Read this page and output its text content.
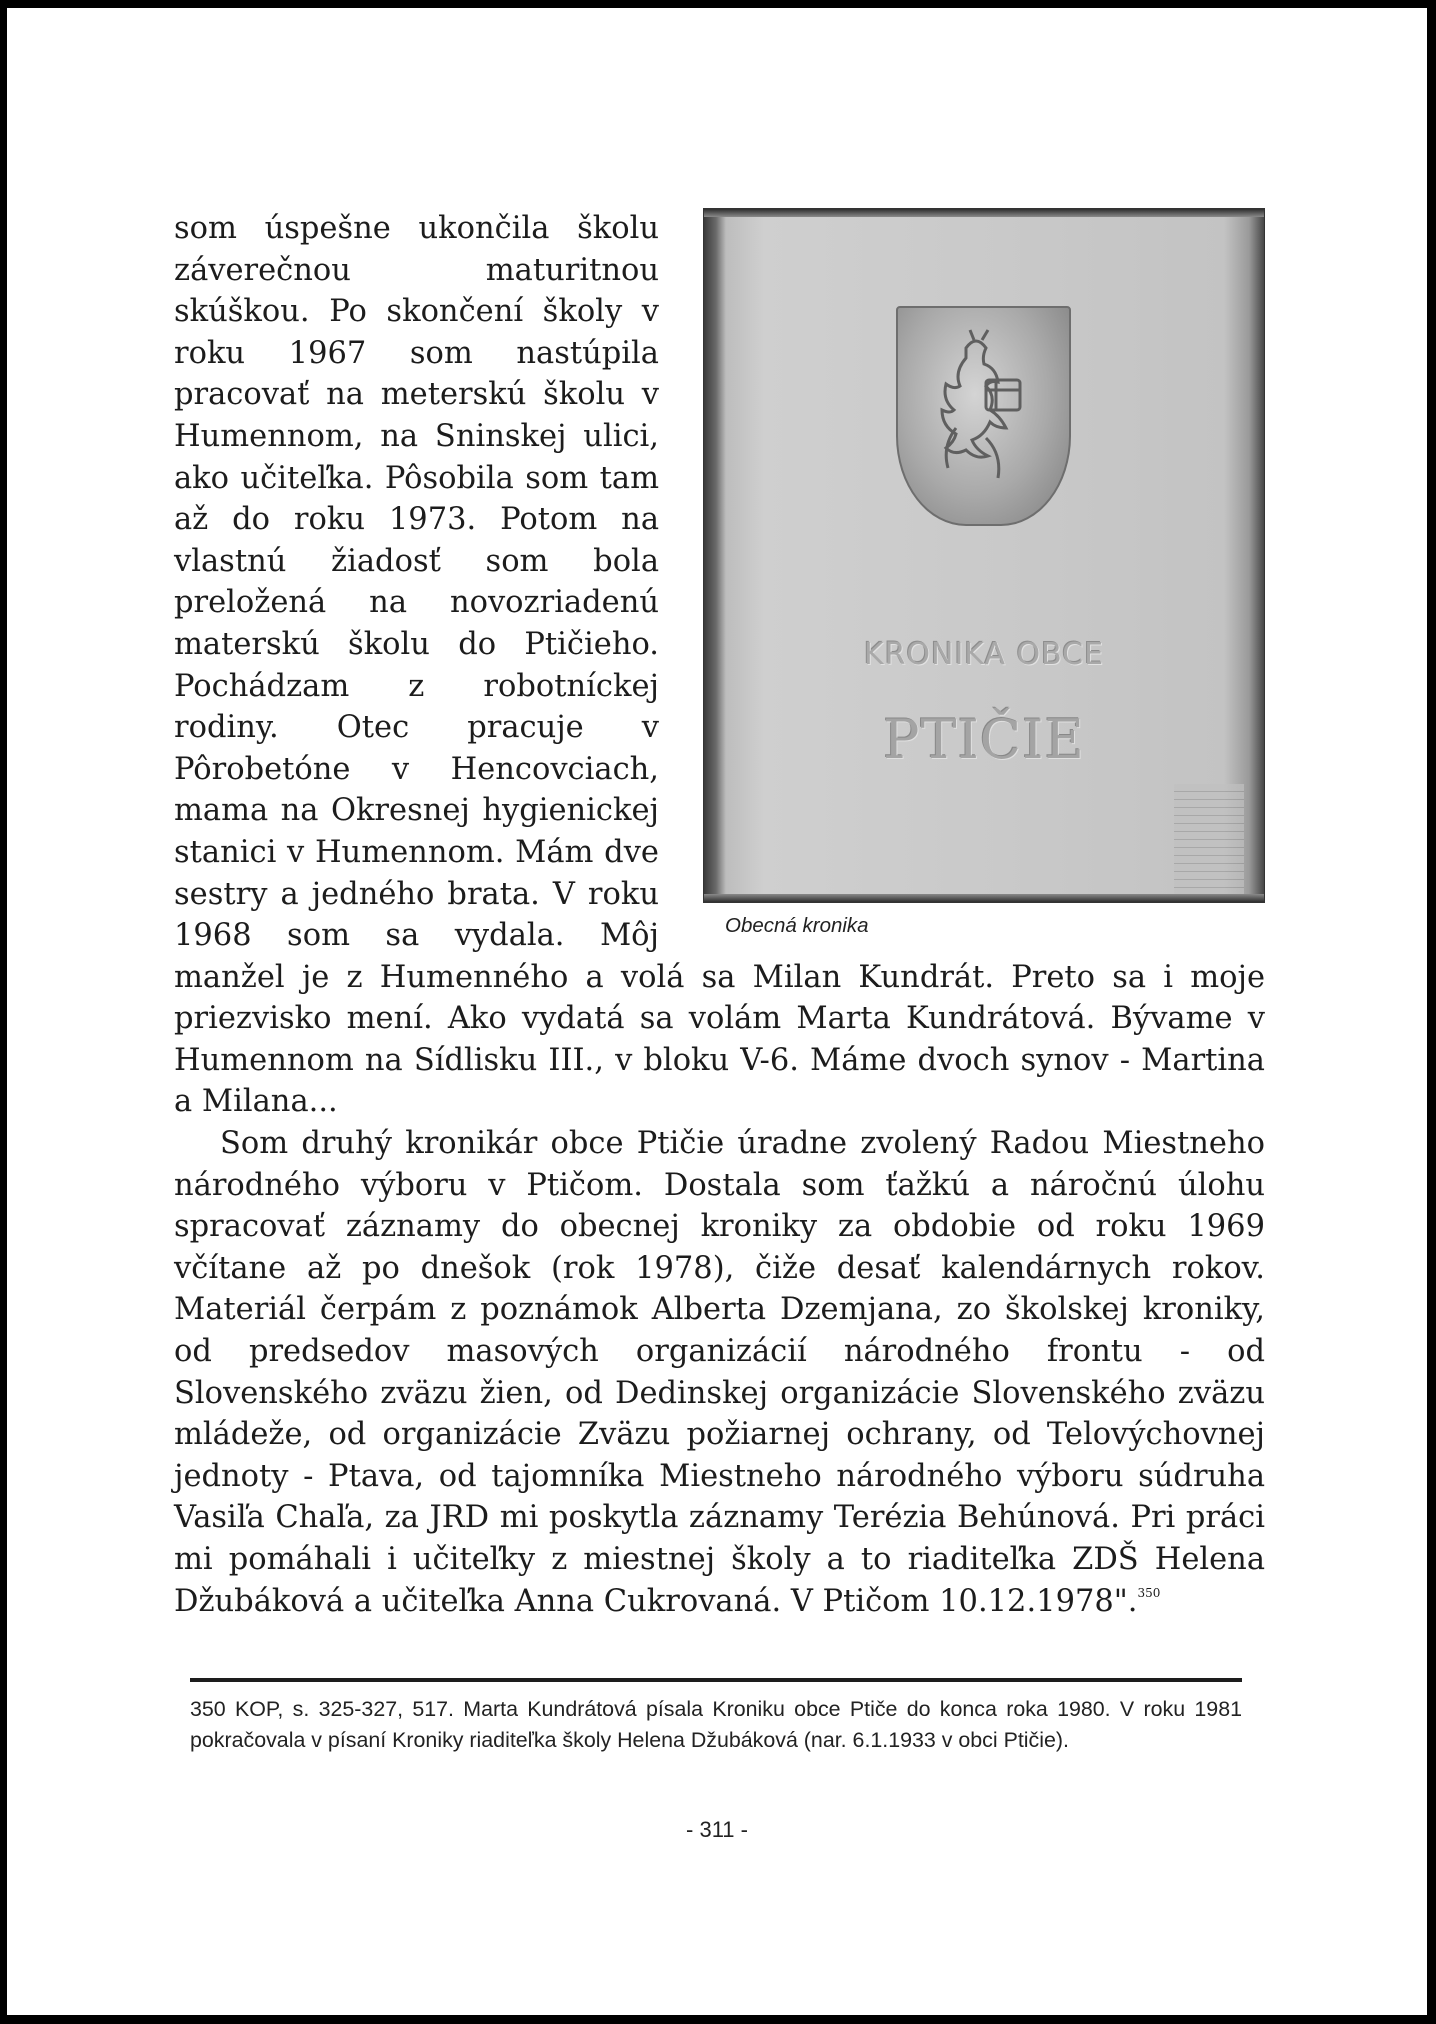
KRONIKA OBCE
PTIČIE
Obecná kronika

som úspešne ukončila školu záverečnou maturitnou skúškou. Po skončení školy v roku 1967 som nastúpila pracovať na meterskú školu v Humennom, na Sninskej ulici, ako učiteľka. Pôsobila som tam až do roku 1973. Potom na vlastnú žiadosť som bola preložená na novozriadenú materskú školu do Ptičieho. Pochádzam z robotníckej rodiny. Otec pracuje v Pôrobetóne v Hencovciach, mama na Okresnej hygienickej stanici v Humennom. Mám dve sestry a jedného brata. V roku 1968 som sa vydala. Môj manžel je z Humenného a volá sa Milan Kundrát. Preto sa i moje priezvisko mení. Ako vydatá sa volám Marta Kundrátová. Bývame v Humennom na Sídlisku III., v bloku V-6. Máme dvoch synov - Martina a Milana...

Som druhý kronikár obce Ptičie úradne zvolený Radou Miestneho národného výboru v Ptičom. Dostala som ťažkú a náročnú úlohu spracovať záznamy do obecnej kroniky za obdobie od roku 1969 včítane až po dnešok (rok 1978), čiže desať kalendárnych rokov. Materiál čerpám z poznámok Alberta Dzemjana, zo školskej kroniky, od predsedov masových organizácií národného frontu - od Slovenského zväzu žien, od Dedinskej organizácie Slovenského zväzu mládeže, od organizácie Zväzu požiarnej ochrany, od Telovýchovnej jednoty - Ptava, od tajomníka Miestneho národného výboru súdruha Vasiľa Chaľa, za JRD mi poskytla záznamy Terézia Behúnová. Pri práci mi pomáhali i učiteľky z miestnej školy a to riaditeľka ZDŠ Helena Džubáková a učiteľka Anna Cukrovaná. V Ptičom 10.12.1978".$^{350}$

350 KOP, s. 325-327, 517. Marta Kundrátová písala Kroniku obce Ptiče do konca roka 1980. V roku 1981 pokračovala v písaní Kroniky riaditeľka školy Helena Džubáková (nar. 6.1.1933 v obci Ptičie).
- 311 -
